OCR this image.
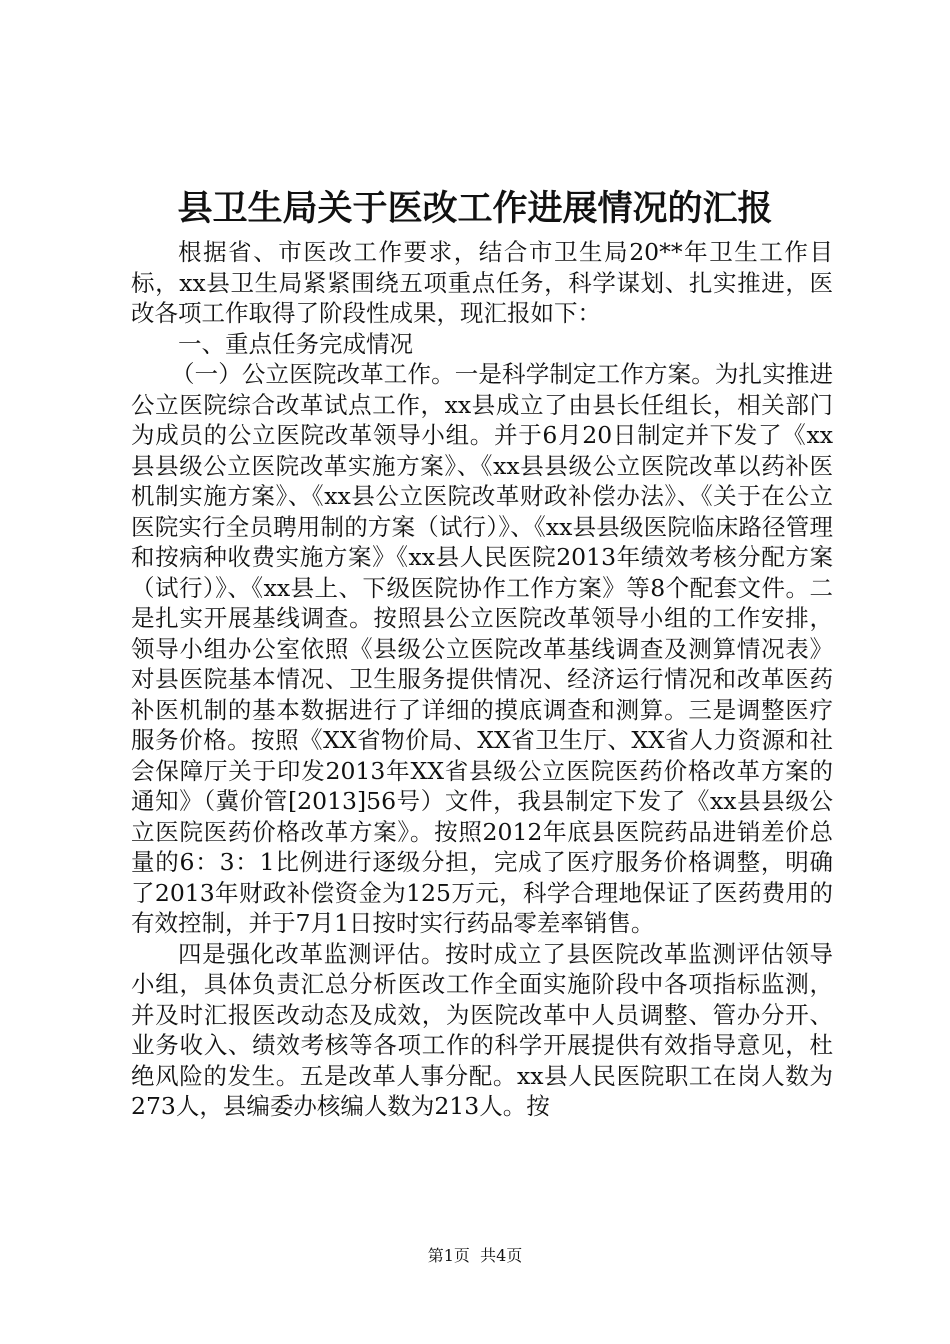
县卫生局关于医改工作进展情况的汇报

根据省、市医改工作要求，结合市卫生局20**年卫生工作目标，xx县卫生局紧紧围绕五项重点任务，科学谋划、扎实推进，医改各项工作取得了阶段性成果，现汇报如下：

一、重点任务完成情况

（一）公立医院改革工作。一是科学制定工作方案。为扎实推进公立医院综合改革试点工作，xx县成立了由县长任组长，相关部门为成员的公立医院改革领导小组。并于6月20日制定并下发了《xx县县级公立医院改革实施方案》、《xx县县级公立医院改革以药补医机制实施方案》、《xx县公立医院改革财政补偿办法》、《关于在公立医院实行全员聘用制的方案（试行）》、《xx县县级医院临床路径管理和按病种收费实施方案》《xx县人民医院2013年绩效考核分配方案（试行）》、《xx县上、下级医院协作工作方案》等8个配套文件。二是扎实开展基线调查。按照县公立医院改革领导小组的工作安排，领导小组办公室依照《县级公立医院改革基线调查及测算情况表》对县医院基本情况、卫生服务提供情况、经济运行情况和改革医药补医机制的基本数据进行了详细的摸底调查和测算。三是调整医疗服务价格。按照《XX省物价局、XX省卫生厅、XX省人力资源和社会保障厅关于印发2013年XX省县级公立医院医药价格改革方案的通知》（冀价管[2013]56号）文件，我县制定下发了《xx县县级公立医院医药价格改革方案》。按照2012年底县医院药品进销差价总量的6：3：1比例进行逐级分担，完成了医疗服务价格调整，明确了2013年财政补偿资金为125万元，科学合理地保证了医药费用的有效控制，并于7月1日按时实行药品零差率销售。

四是强化改革监测评估。按时成立了县医院改革监测评估领导小组，具体负责汇总分析医改工作全面实施阶段中各项指标监测，并及时汇报医改动态及成效，为医院改革中人员调整、管办分开、业务收入、绩效考核等各项工作的科学开展提供有效指导意见，杜绝风险的发生。五是改革人事分配。xx县人民医院职工在岗人数为273人，县编委办核编人数为213人。按

第1页  共4页
